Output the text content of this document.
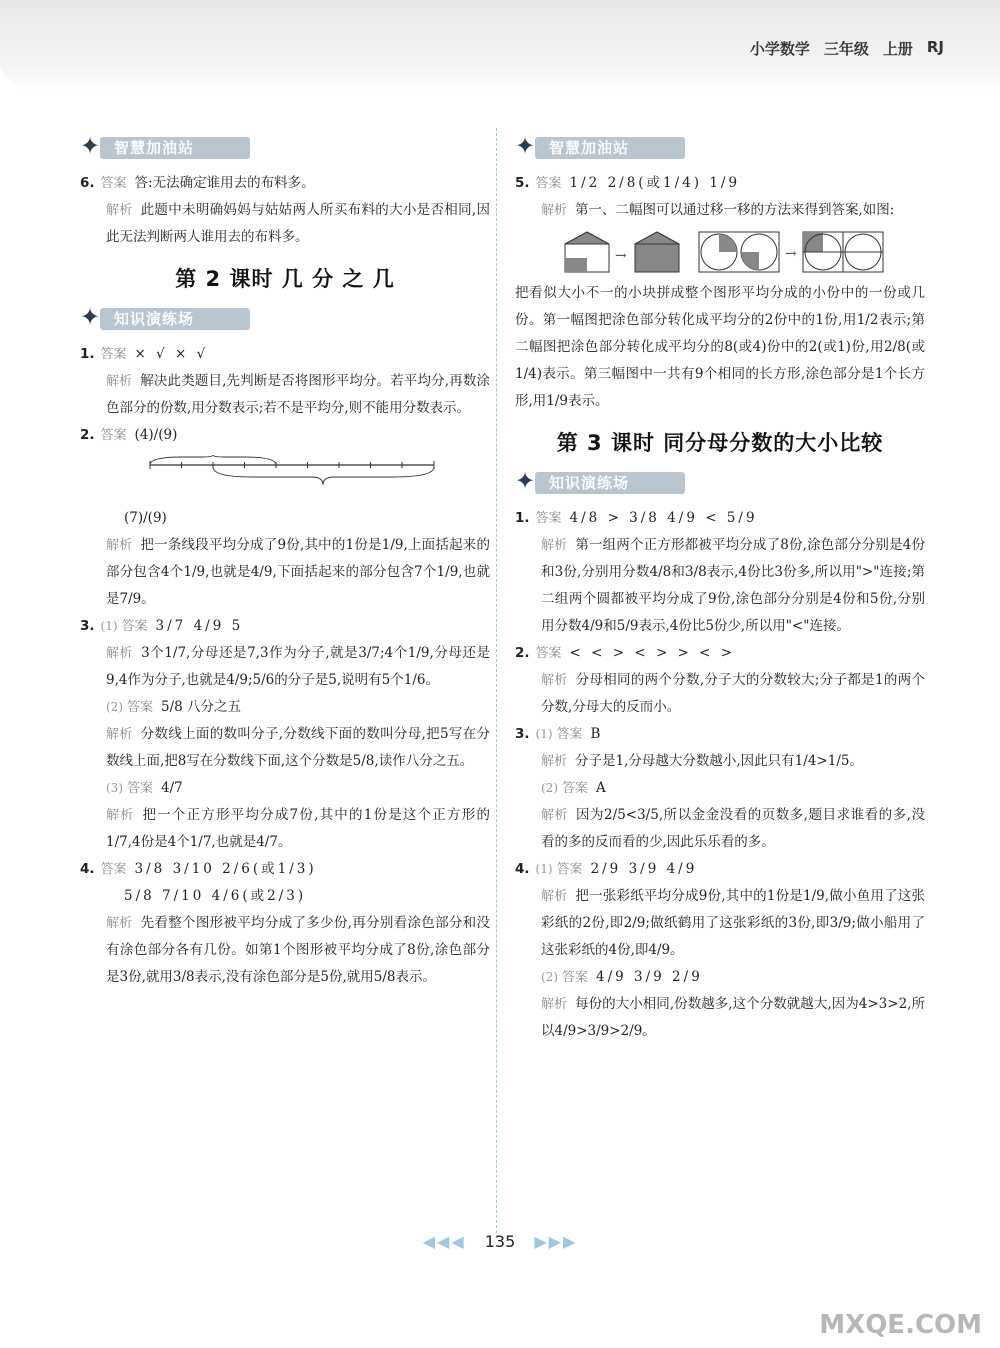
小学数学 三年级 上册 RJ
✦ 智慧加油站
6. 答案 答:无法确定谁用去的布料多。
解析 此题中未明确妈妈与姑姑两人所买布料的大小是否相同,因此无法判断两人谁用去的布料多。
第 2 课时 几 分 之 几
✦ 知识演练场
1. 答案 × √ × √
解析 解决此类题目,先判断是否将图形平均分。若平均分,再数涂色部分的份数,用分数表示;若不是平均分,则不能用分数表示。
2. 答案 (4)/(9)
(7)/(9)
解析 把一条线段平均分成了9份,其中的1份是1/9,上面括起来的部分包含4个1/9,也就是4/9,下面括起来的部分包含7个1/9,也就是7/9。
3. (1) 答案 3/7 4/9 5
解析 3个1/7,分母还是7,3作为分子,就是3/7;4个1/9,分母还是9,4作为分子,也就是4/9;5/6的分子是5,说明有5个1/6。
(2) 答案 5/8 八分之五
解析 分数线上面的数叫分子,分数线下面的数叫分母,把5写在分数线上面,把8写在分数线下面,这个分数是5/8,读作八分之五。
(3) 答案 4/7
解析 把一个正方形平均分成7份,其中的1份是这个正方形的1/7,4份是4个1/7,也就是4/7。
4. 答案 3/8 3/10 2/6(或1/3)
5/8 7/10 4/6(或2/3)
解析 先看整个图形被平均分成了多少份,再分别看涂色部分和没有涂色部分各有几份。如第1个图形被平均分成了8份,涂色部分是3份,就用3/8表示,没有涂色部分是5份,就用5/8表示。
✦ 智慧加油站
5. 答案 1/2 2/8(或1/4) 1/9
解析 第一、二幅图可以通过移一移的方法来得到答案,如图:
→	→
把看似大小不一的小块拼成整个图形平均分成的小份中的一份或几份。第一幅图把涂色部分转化成平均分的2份中的1份,用1/2表示;第二幅图把涂色部分转化成平均分的8(或4)份中的2(或1)份,用2/8(或1/4)表示。第三幅图中一共有9个相同的长方形,涂色部分是1个长方形,用1/9表示。
第 3 课时 同分母分数的大小比较
✦ 知识演练场
1. 答案 4/8 > 3/8 4/9 < 5/9
解析 第一组两个正方形都被平均分成了8份,涂色部分分别是4份和3份,分别用分数4/8和3/8表示,4份比3份多,所以用">"连接;第二组两个圆都被平均分成了9份,涂色部分分别是4份和5份,分别用分数4/9和5/9表示,4份比5份少,所以用"<"连接。
2. 答案 < < > < > > < >
解析 分母相同的两个分数,分子大的分数较大;分子都是1的两个分数,分母大的反而小。
3. (1) 答案 B
解析 分子是1,分母越大分数越小,因此只有1/4>1/5。
(2) 答案 A
解析 因为2/5<3/5,所以金金没看的页数多,题目求谁看的多,没看的多的反而看的少,因此乐乐看的多。
4. (1) 答案 2/9 3/9 4/9
解析 把一张彩纸平均分成9份,其中的1份是1/9,做小鱼用了这张彩纸的2份,即2/9;做纸鹤用了这张彩纸的3份,即3/9;做小船用了这张彩纸的4份,即4/9。
(2) 答案 4/9 3/9 2/9
解析 每份的大小相同,份数越多,这个分数就越大,因为4>3>2,所以4/9>3/9>2/9。
◀◀◀ 135 ▶▶▶
MXQE.COM
